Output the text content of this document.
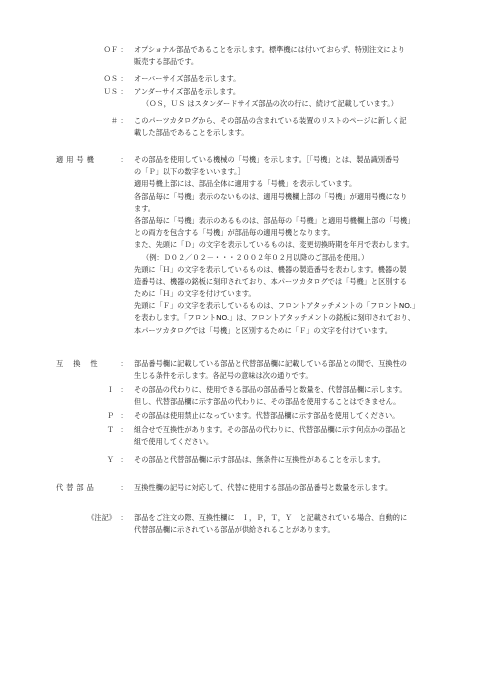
ＯＦ ： オプショナル部品であることを示します。標準機には付いておらず、特別注文により
販売する部品です。
ＯＳ ： オーバーサイズ部品を示します。
ＵＳ ： アンダーサイズ部品を示します。
（ＯＳ，ＵＳ はスタンダードサイズ部品の次の行に、続けて記載しています。）
＃ ： このパーツカタログから、その部品の含まれている装置のリストのページに新しく記
載した部品であることを示します。
適用号機	： その部品を使用している機械の「号機」を示します。［「号機」とは、製品識別番号
の「Ｐ」以下の数字をいいます。］
適用号機上部には、部品全体に適用する「号機」を表示しています。
各部品毎に「号機」表示のないものは、適用号機欄上部の「号機」が適用号機になり
ます。
各部品毎に「号機」表示のあるものは、部品毎の「号機」と適用号機欄上部の「号機」
との両方を包含する「号機」が部品毎の適用号機となります。
また、先頭に「Ｄ」の文字を表示しているものは、変更切換時期を年月で表わします。
（例：Ｄ０２／０２－・・・２００２年０２月以降のご部品を使用。）
先頭に「Ｈ」の文字を表示しているものは、機器の製造番号を表わします。機器の製
造番号は、機器の銘板に刻印されており、本パーツカタログでは「号機」と区別する
ために「Ｈ」の文字を付けています。
先頭に「Ｆ」の文字を表示しているものは、フロントアタッチメントの「フロントNO.」
を表わします。「フロントNO.」は、フロントアタッチメントの銘板に刻印されており、
本パーツカタログでは「号機」と区別するために「Ｆ」の文字を付けています。
互換性 ： 部品番号欄に記載している部品と代替部品欄に記載している部品との間で、互換性の
生じる条件を示します。各記号の意味は次の通りです。
Ｉ ： その部品の代わりに、使用できる部品の部品番号と数量を、代替部品欄に示します。
但し、代替部品欄に示す部品の代わりに、その部品を使用することはできません。
Ｐ ： その部品は使用禁止になっています。代替部品欄に示す部品を使用してください。
Ｔ ： 組合せで互換性があります。その部品の代わりに、代替部品欄に示す何点かの部品と
組で使用してください。
Ｙ ： その部品と代替部品欄に示す部品は、無条件に互換性があることを示します。
代替部品	： 互換性欄の記号に対応して、代替に使用する部品の部品番号と数量を示します。
《注記》 ： 部品をご注文の際、互換性欄に　Ｉ，Ｐ，Ｔ，Ｙ　と記載されている場合、自動的に
代替部品欄に示されている部品が供給されることがあります。
